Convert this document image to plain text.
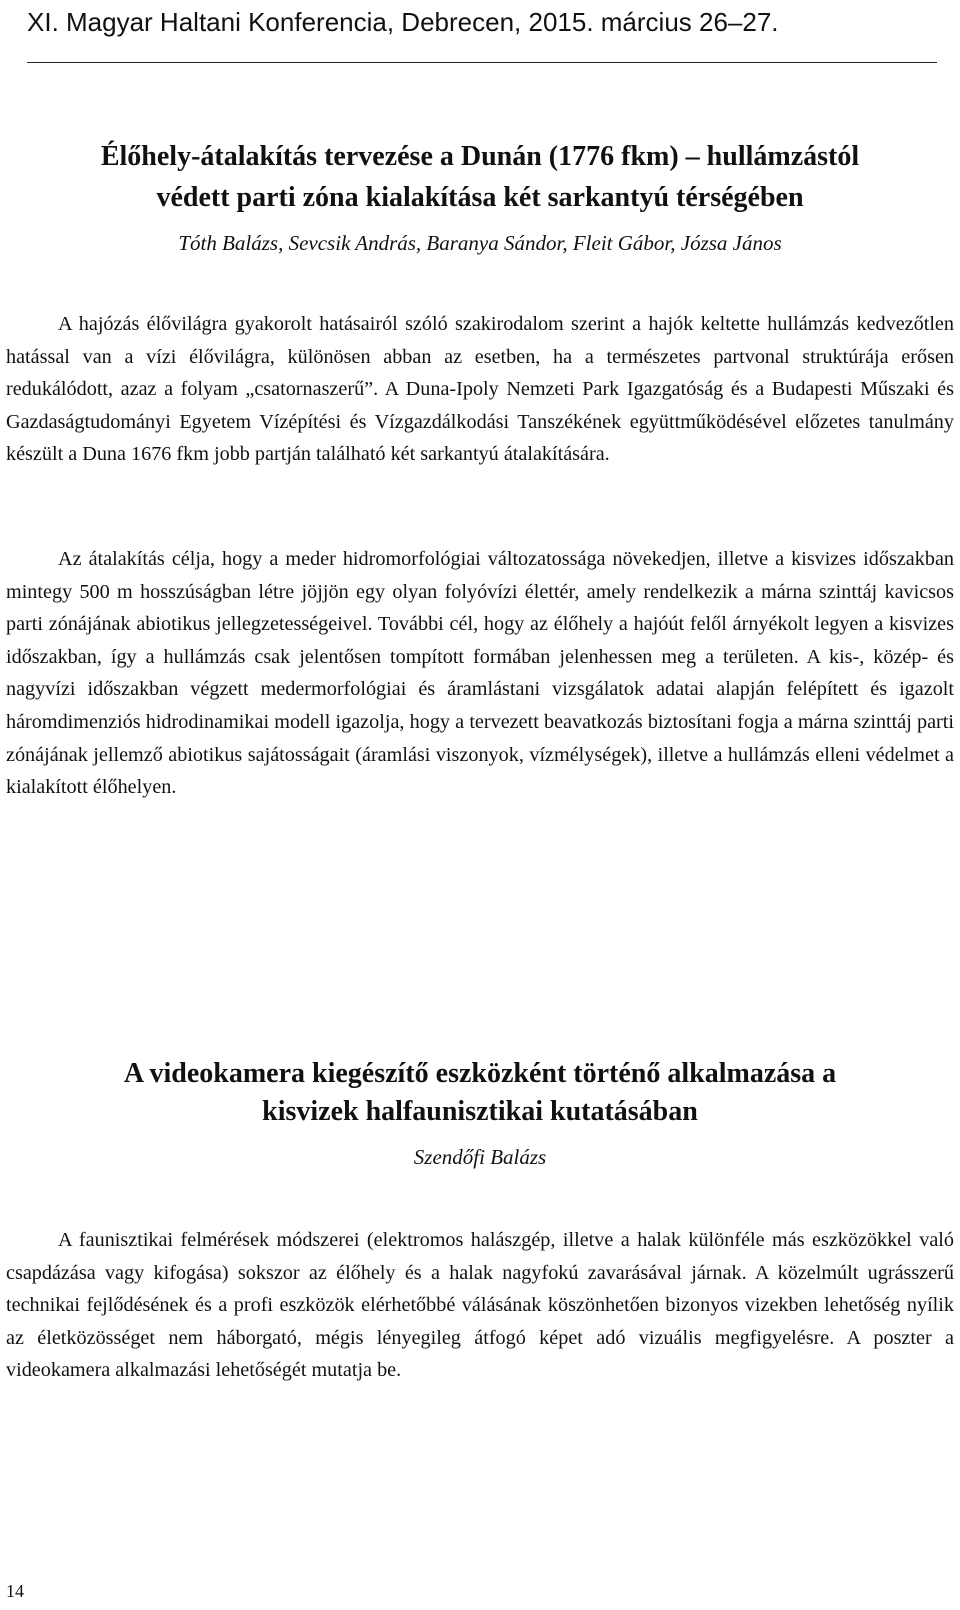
XI. Magyar Haltani Konferencia, Debrecen, 2015. március 26–27.
Élőhely-átalakítás tervezése a Dunán (1776 fkm) – hullámzástól
védett parti zóna kialakítása két sarkantyú térségében
Tóth Balázs, Sevcsik András, Baranya Sándor, Fleit Gábor, Józsa János

A hajózás élővilágra gyakorolt hatásairól szóló szakirodalom szerint a hajók keltette hullámzás kedvezőtlen hatással van a vízi élővilágra, különösen abban az esetben, ha a természetes partvonal struktúrája erősen redukálódott, azaz a folyam „csatornaszerű”. A Duna-Ipoly Nemzeti Park Igazgatóság és a Budapesti Műszaki és Gazdaságtudományi Egyetem Vízépítési és Vízgazdálkodási Tanszékének együttműködésével előzetes tanulmány készült a Duna 1676 fkm jobb partján található két sarkantyú átalakítására.

Az átalakítás célja, hogy a meder hidromorfológiai változatossága növekedjen, illetve a kisvizes időszakban mintegy 500 m hosszúságban létre jöjjön egy olyan folyóvízi élettér, amely rendelkezik a márna szinttáj kavicsos parti zónájának abiotikus jellegzetességeivel. További cél, hogy az élőhely a hajóút felől árnyékolt legyen a kisvizes időszakban, így a hullámzás csak jelentősen tompított formában jelenhessen meg a területen. A kis-, közép- és nagyvízi időszakban végzett medermorfológiai és áramlástani vizsgálatok adatai alapján felépített és igazolt háromdimenziós hidrodinamikai modell igazolja, hogy a tervezett beavatkozás biztosítani fogja a márna szinttáj parti zónájának jellemző abiotikus sajátosságait (áramlási viszonyok, vízmélységek), illetve a hullámzás elleni védelmet a kialakított élőhelyen.

A videokamera kiegészítő eszközként történő alkalmazása a
kisvizek halfaunisztikai kutatásában
Szendőfi Balázs

A faunisztikai felmérések módszerei (elektromos halászgép, illetve a halak különféle más eszközökkel való csapdázása vagy kifogása) sokszor az élőhely és a halak nagyfokú zavarásával járnak. A közelmúlt ugrásszerű technikai fejlődésének és a profi eszközök elérhetőbbé válásának köszönhetően bizonyos vizekben lehetőség nyílik az életközösséget nem háborgató, mégis lényegileg átfogó képet adó vizuális megfigyelésre. A poszter a videokamera alkalmazási lehetőségét mutatja be.

14
